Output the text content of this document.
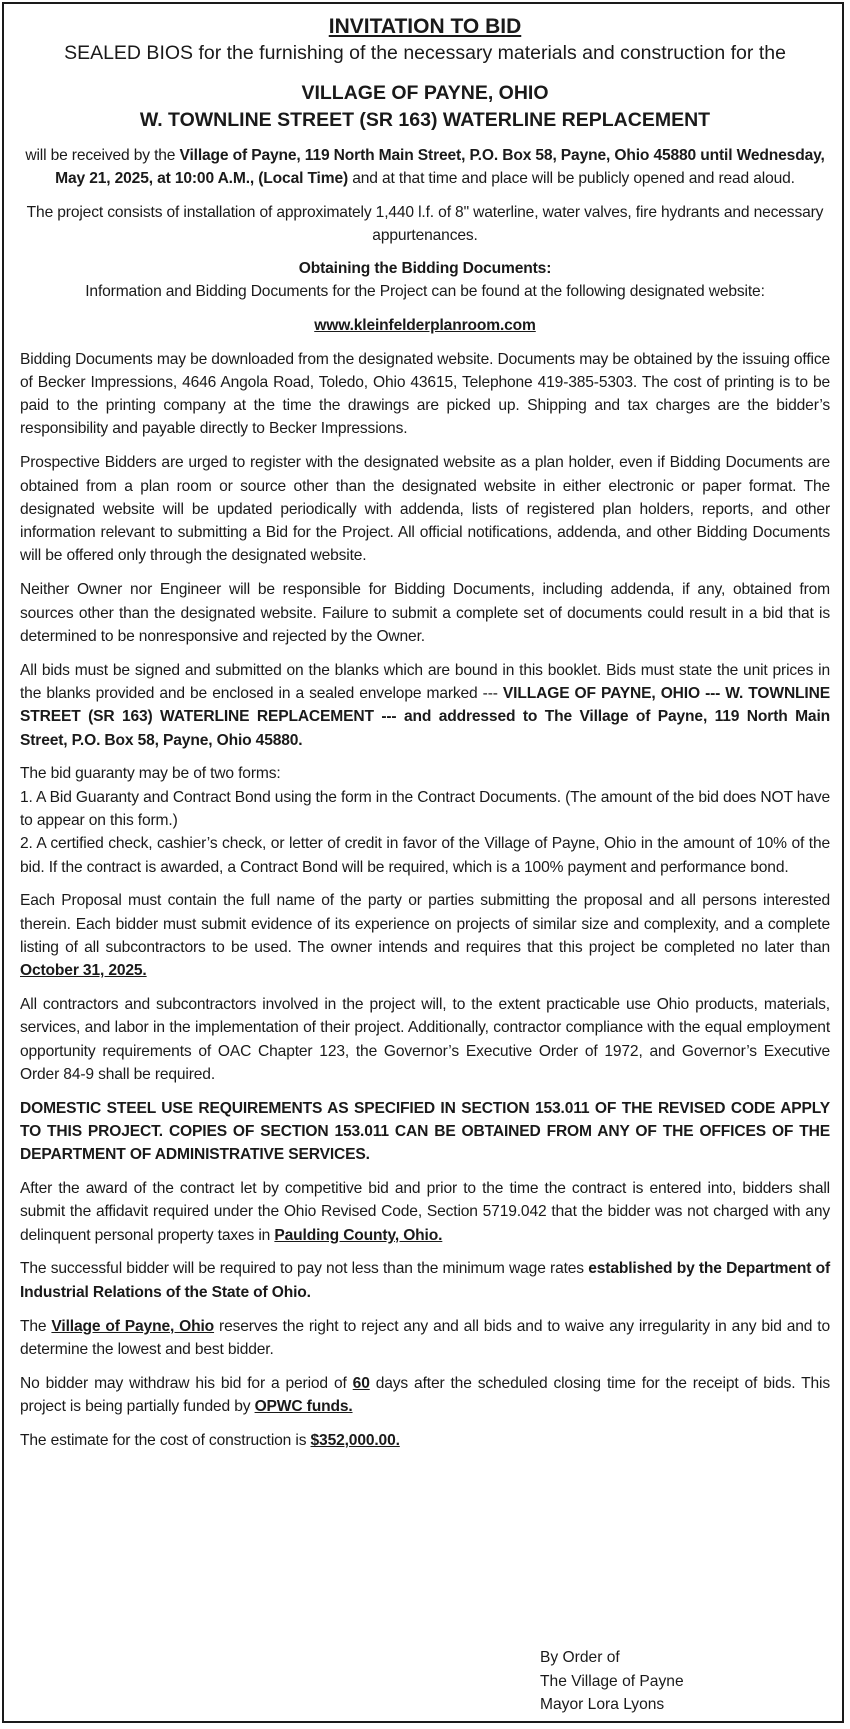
INVITATION TO BID
SEALED BIOS for the furnishing of the necessary materials and construction for the
VILLAGE OF PAYNE, OHIO
W. TOWNLINE STREET (SR 163) WATERLINE REPLACEMENT

will be received by the Village of Payne, 119 North Main Street, P.O. Box 58, Payne, Ohio 45880 until Wednesday, May 21, 2025, at 10:00 A.M., (Local Time) and at that time and place will be publicly opened and read aloud.

The project consists of installation of approximately 1,440 l.f. of 8" waterline, water valves, fire hydrants and necessary appurtenances.

Obtaining the Bidding Documents:

Information and Bidding Documents for the Project can be found at the following designated website:

www.kleinfelderplanroom.com

Bidding Documents may be downloaded from the designated website. Documents may be obtained by the issuing office of Becker Impressions, 4646 Angola Road, Toledo, Ohio 43615, Telephone 419-385-5303. The cost of printing is to be paid to the printing company at the time the drawings are picked up. Shipping and tax charges are the bidder’s responsibility and payable directly to Becker Impressions.

Prospective Bidders are urged to register with the designated website as a plan holder, even if Bidding Documents are obtained from a plan room or source other than the designated website in either electronic or paper format. The designated website will be updated periodically with addenda, lists of registered plan holders, reports, and other information relevant to submitting a Bid for the Project. All official notifications, addenda, and other Bidding Documents will be offered only through the designated website.

Neither Owner nor Engineer will be responsible for Bidding Documents, including addenda, if any, obtained from sources other than the designated website. Failure to submit a complete set of documents could result in a bid that is determined to be nonresponsive and rejected by the Owner.

All bids must be signed and submitted on the blanks which are bound in this booklet. Bids must state the unit prices in the blanks provided and be enclosed in a sealed envelope marked --- VILLAGE OF PAYNE, OHIO --- W. TOWNLINE STREET (SR 163) WATERLINE REPLACEMENT --- and addressed to The Village of Payne, 119 North Main Street, P.O. Box 58, Payne, Ohio 45880.

The bid guaranty may be of two forms:

1. A Bid Guaranty and Contract Bond using the form in the Contract Documents. (The amount of the bid does NOT have to appear on this form.)

2. A certified check, cashier’s check, or letter of credit in favor of the Village of Payne, Ohio in the amount of 10% of the bid. If the contract is awarded, a Contract Bond will be required, which is a 100% payment and performance bond.

Each Proposal must contain the full name of the party or parties submitting the proposal and all persons interested therein. Each bidder must submit evidence of its experience on projects of similar size and complexity, and a complete listing of all subcontractors to be used. The owner intends and requires that this project be completed no later than October 31, 2025.

All contractors and subcontractors involved in the project will, to the extent practicable use Ohio products, materials, services, and labor in the implementation of their project. Additionally, contractor compliance with the equal employment opportunity requirements of OAC Chapter 123, the Governor’s Executive Order of 1972, and Governor’s Executive Order 84-9 shall be required.

DOMESTIC STEEL USE REQUIREMENTS AS SPECIFIED IN SECTION 153.011 OF THE REVISED CODE APPLY TO THIS PROJECT. COPIES OF SECTION 153.011 CAN BE OBTAINED FROM ANY OF THE OFFICES OF THE DEPARTMENT OF ADMINISTRATIVE SERVICES.

After the award of the contract let by competitive bid and prior to the time the contract is entered into, bidders shall submit the affidavit required under the Ohio Revised Code, Section 5719.042 that the bidder was not charged with any delinquent personal property taxes in Paulding County, Ohio.

The successful bidder will be required to pay not less than the minimum wage rates established by the Department of Industrial Relations of the State of Ohio.

The Village of Payne, Ohio reserves the right to reject any and all bids and to waive any irregularity in any bid and to determine the lowest and best bidder.

No bidder may withdraw his bid for a period of 60 days after the scheduled closing time for the receipt of bids. This project is being partially funded by OPWC funds.

The estimate for the cost of construction is $352,000.00.

By Order of
The Village of Payne
Mayor Lora Lyons
